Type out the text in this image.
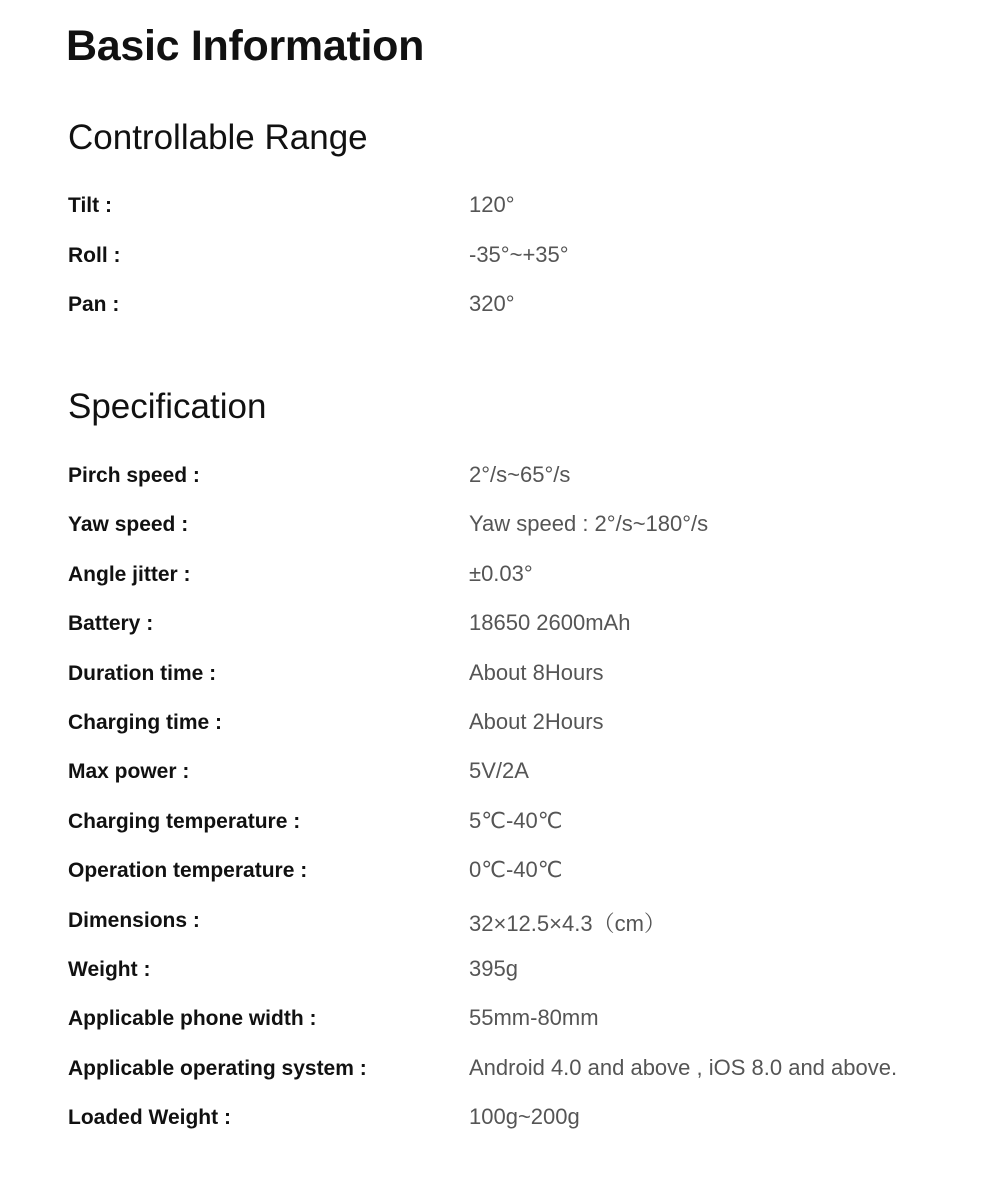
Basic Information
Controllable Range
Tilt :	120°
Roll :	-35°~+35°
Pan :	320°
Specification
Pirch speed :	2°/s~65°/s
Yaw speed :	Yaw speed : 2°/s~180°/s
Angle jitter :	±0.03°
Battery :	18650 2600mAh
Duration time :	About 8Hours
Charging time :	About 2Hours
Max power :	5V/2A
Charging temperature :	5℃-40℃
Operation temperature :	0℃-40℃
Dimensions :	32×12.5×4.3（cm）
Weight :	395g
Applicable phone width :	55mm-80mm
Applicable operating system :	Android 4.0 and above , iOS 8.0 and above.
Loaded Weight :	100g~200g
